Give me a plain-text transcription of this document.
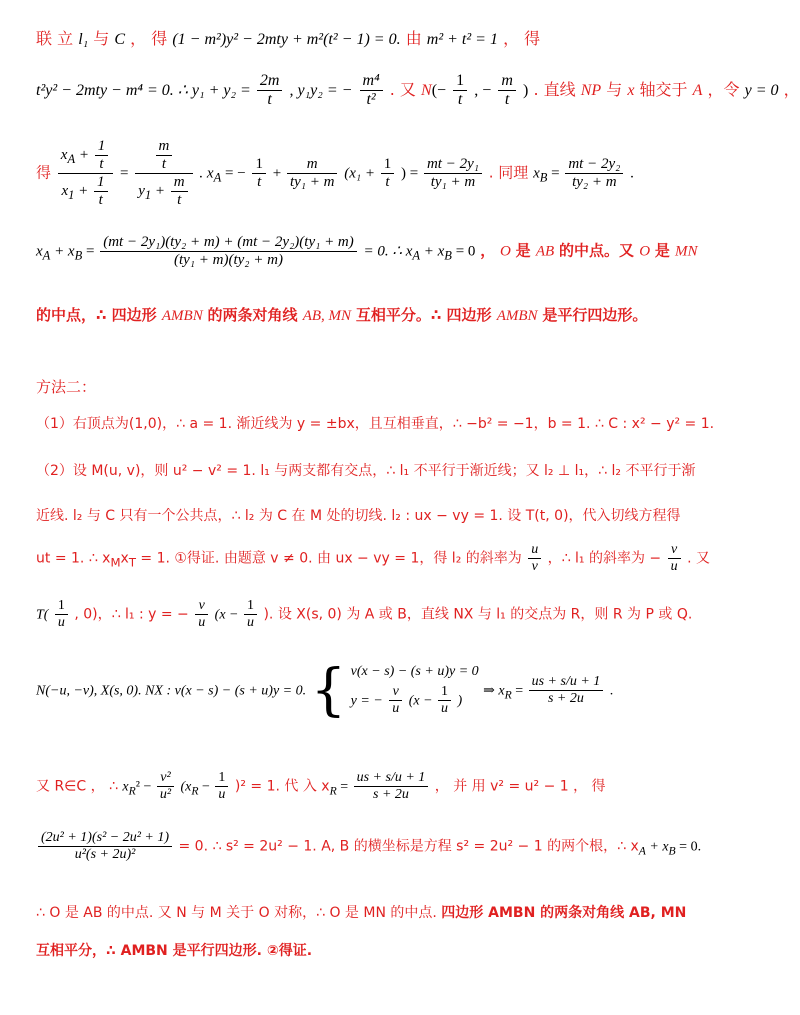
联 立 l₁ 与 C ， 得 (1 − m²)y² − 2mty + m²(t² − 1) = 0. 由 m² + t² = 1 ， 得
t²y² − 2mty − m⁴ = 0. ∴ $y_1 + y_2 = \frac{2m}{t}$ , y₁y₂ = − $\frac{\text{m⁴}}{\text{t²}}$ . 又 $N(- \frac{1}{t}$ , − $\frac{m}{t}$ ) . 直线 NP 与 x 轴交于 A ，令 y = 0 ，
得 $\frac{x_A + \frac{1}{t}}{x_1 + \frac{1}{t}} = \frac{\frac{m}{t}}{y_1 + \frac{m}{t}}$ . $x_A$ = − $\frac{1}{t} + \frac{m}{\text{ty₁ + m}} (x_1 + \frac{1}{t}$ ) = $\frac{\text{mt − 2y₁}}{\text{ty₁ + m}}$ . 同理 $x_B = \frac{\text{mt − 2y₂}}{\text{ty₂ + m}}$ .
$x_A + x_B = \frac{\text{(mt − 2y₁)(ty₂ + m) + (mt − 2y₂)(ty₁ + m)}}{\text{(ty₁ + m)(ty₂ + m)}} = 0$. ∴ $x_A + x_B = 0$ ， O 是 AB 的中点。又 O 是 MN
的中点，∴ 四边形 AMBN 的两条对角线 AB, MN 互相平分。∴ 四边形 AMBN 是平行四边形。
方法二：
（1）右顶点为(1,0)，∴ a = 1. 渐近线为 y = ±bx，且互相垂直，∴ −b² = −1，b = 1. ∴ C : x² − y² = 1.
（2）设 M(u, v)，则 u² − v² = 1. l₁ 与两支都有交点，∴ l₁ 不平行于渐近线；又 l₂ ⊥ l₁，∴ l₂ 不平行于渐
近线. l₂ 与 C 只有一个公共点，∴ l₂ 为 C 在 M 处的切线. l₂ : ux − vy = 1. 设 T(t, 0)，代入切线方程得
ut = 1. ∴ $x_Mx_T = 1$. ①得证. 由题意 v ≠ 0. 由 ux − vy = 1，得 l₂ 的斜率为 $\frac{u}{v}$ ，∴ l₁ 的斜率为 − $\frac{v}{u}$ . 又
$T( \frac{1}{u}$ , 0)，∴ l₁ : y = − $\frac{v}{u} (x - \frac{1}{u}$ ). 设 X(s, 0) 为 A 或 B，直线 NX 与 l₁ 的交点为 R，则 R 为 P 或 Q.
N(−u, −v), X(s, 0). NX : v(x − s) − (s + u)y = 0. { v(x − s) − (s + u)y = 0
y = − $\frac{v}{u} (x - \frac{1}{u}$ )
⇒ $x_R = \frac{us + s/u + 1}{s + 2u}$ .
又 R∈C ， ∴ $x_R^2 - \frac{\text{v²}}{\text{u²}} (x_R - \frac{1}{u} )^2 = 1$. 代 入 $x_R = \frac{us + s/u + 1}{s + 2u}$ ， 并 用 v² = u² − 1 ， 得
$\frac{\text{(2u² + 1)(s² − 2u² + 1)}}{\text{u²(s + 2u)²}} = 0$. ∴ s² = 2u² − 1. A, B 的横坐标是方程 s² = 2u² − 1 的两个根，∴ $x_A + x_B = 0$.
∴ O 是 AB 的中点. 又 N 与 M 关于 O 对称，∴ O 是 MN 的中点. 四边形 AMBN 的两条对角线 AB, MN
互相平分，∴ AMBN 是平行四边形. ②得证.
